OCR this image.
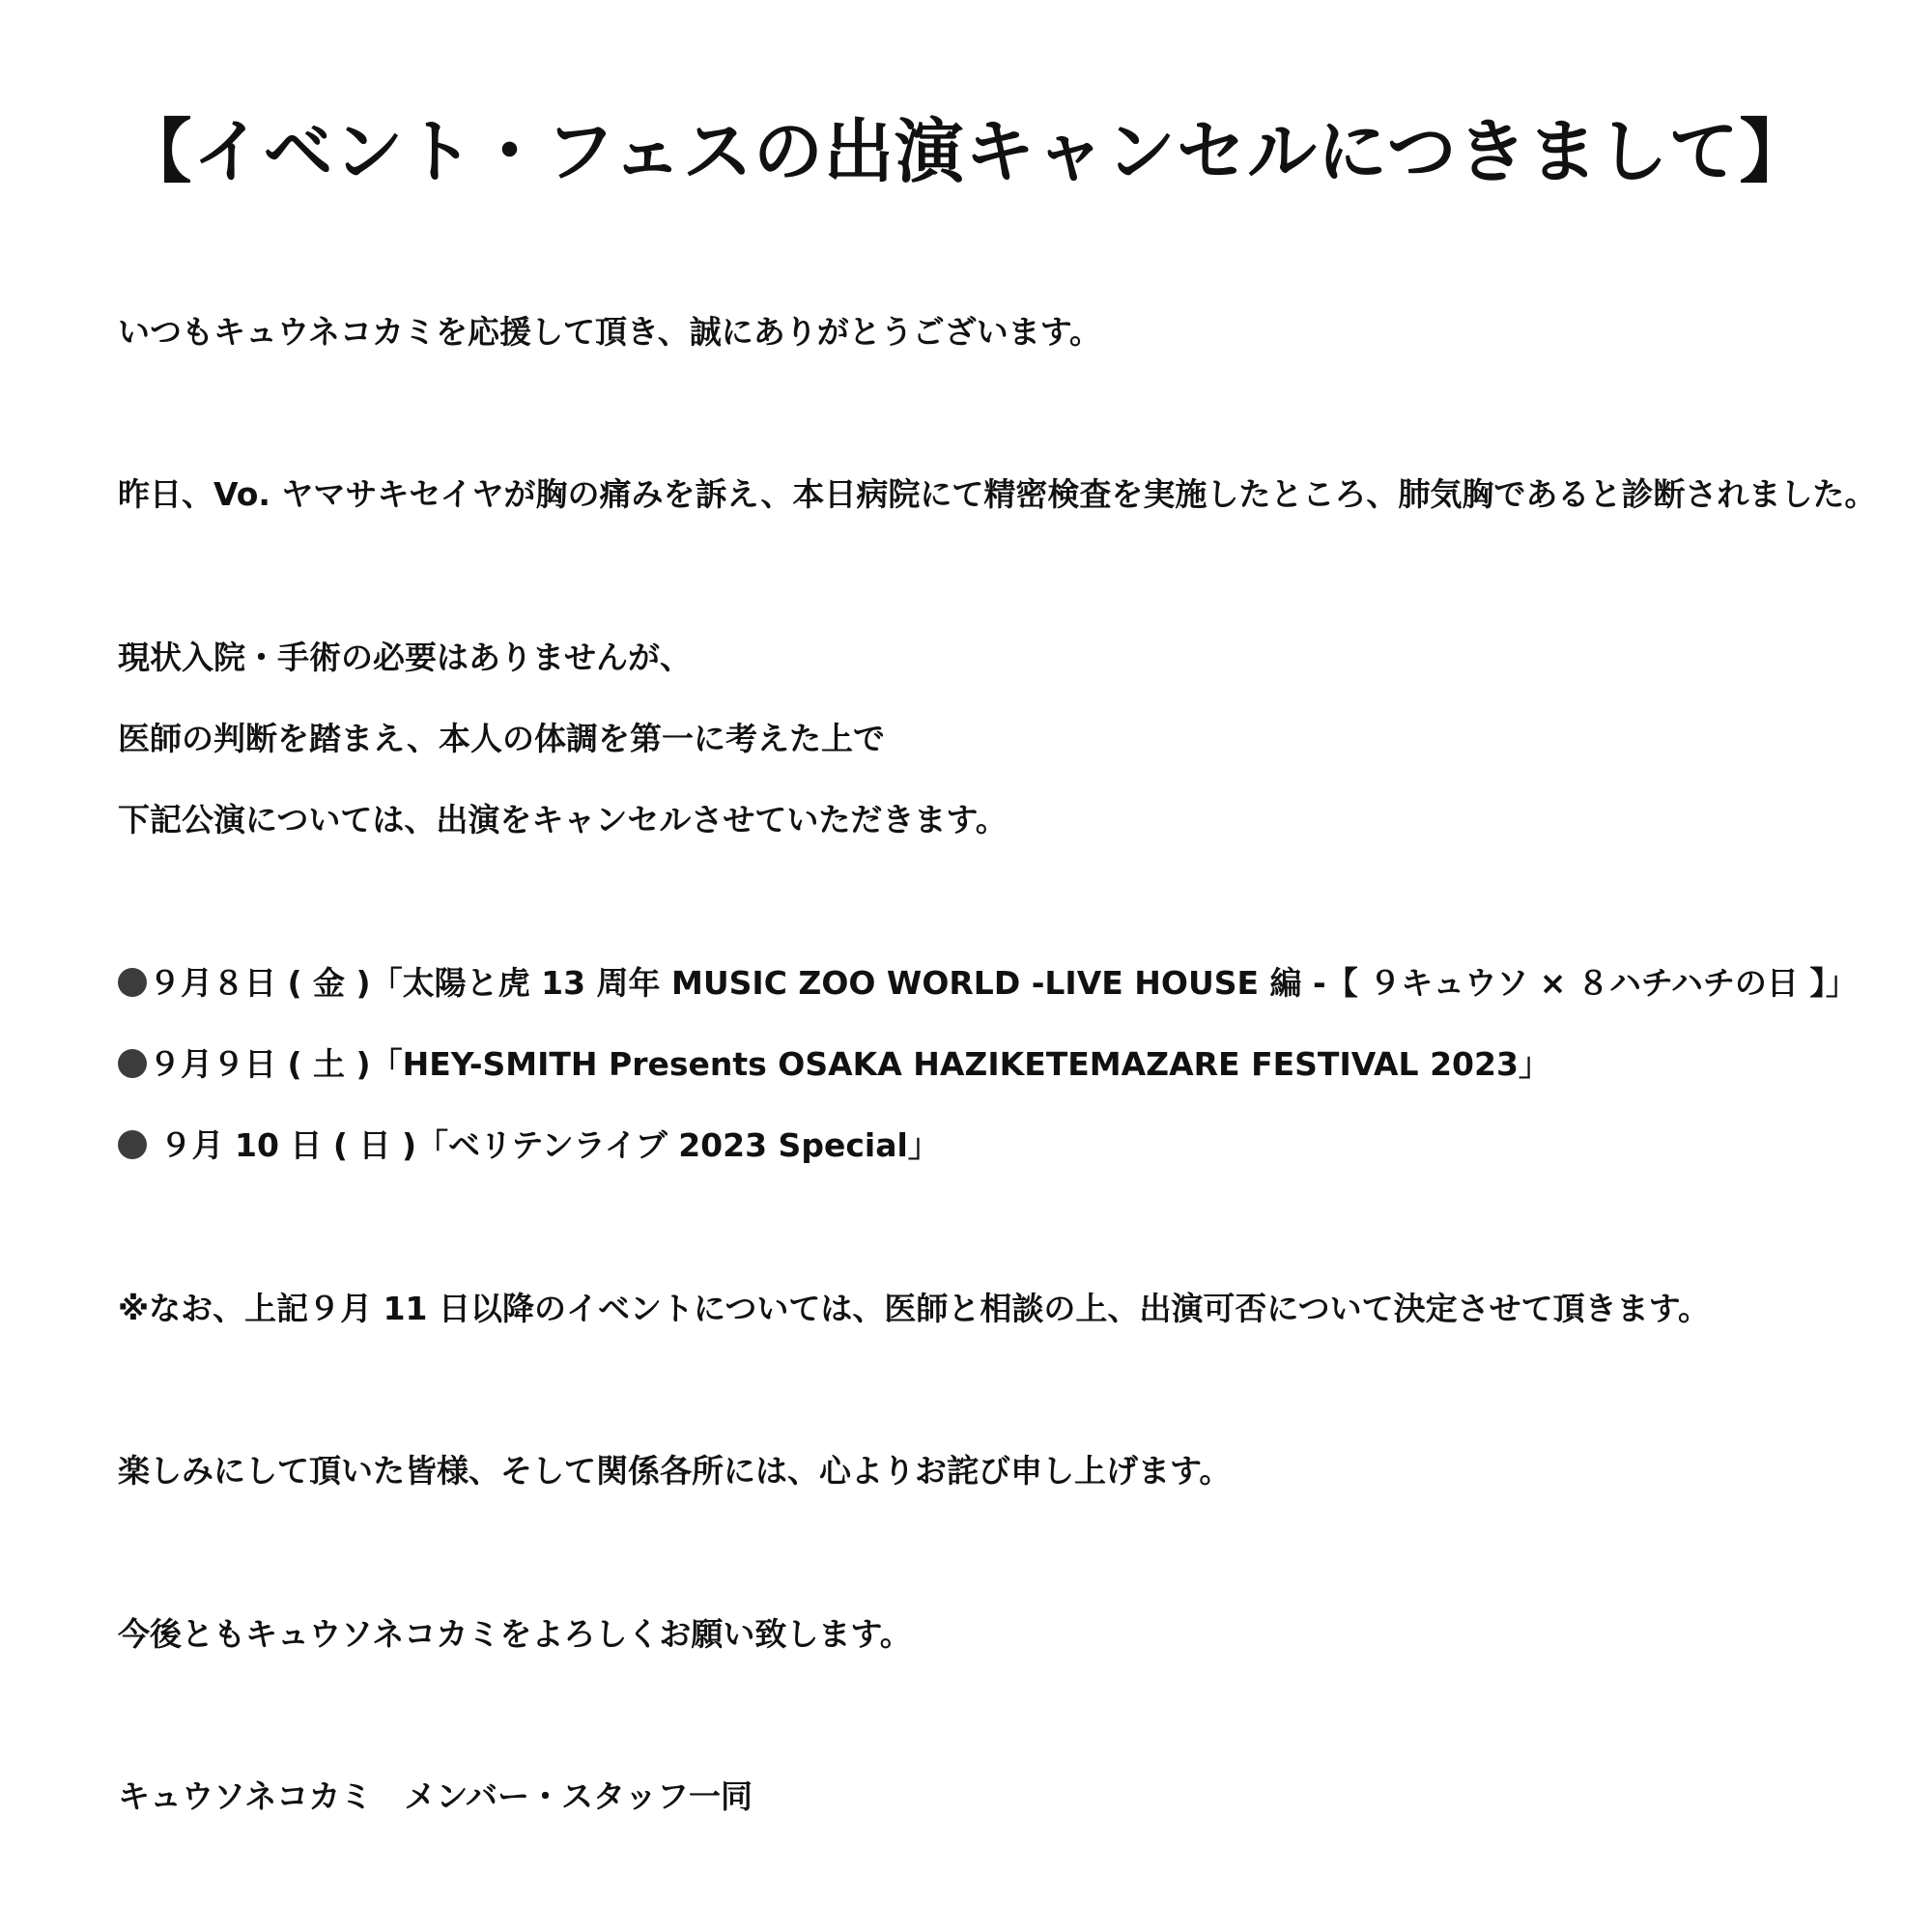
【イベント・フェスの出演キャンセルにつきまして】
いつもキュウネコカミを応援して頂き、誠にありがとうございます。
昨日、Vo. ヤマサキセイヤが胸の痛みを訴え、本日病院にて精密検査を実施したところ、肺気胸であると診断されました。
現状入院・手術の必要はありませんが、
医師の判断を踏まえ、本人の体調を第一に考えた上で
下記公演については、出演をキャンセルさせていただきます。
９月８日 ( 金 )「太陽と虎 13 周年 MUSIC ZOO WORLD -LIVE HOUSE 編 -【 ９キュウソ × ８ハチハチの日 】」
９月９日 ( 土 )「HEY-SMITH Presents OSAKA HAZIKETEMAZARE FESTIVAL 2023」
９月 10 日 ( 日 )「ベリテンライブ 2023 Special」
※なお、上記９月 11 日以降のイベントについては、医師と相談の上、出演可否について決定させて頂きます。
楽しみにして頂いた皆様、そして関係各所には、心よりお詫び申し上げます。
今後ともキュウソネコカミをよろしくお願い致します。
キュウソネコカミ　メンバー・スタッフ一同
